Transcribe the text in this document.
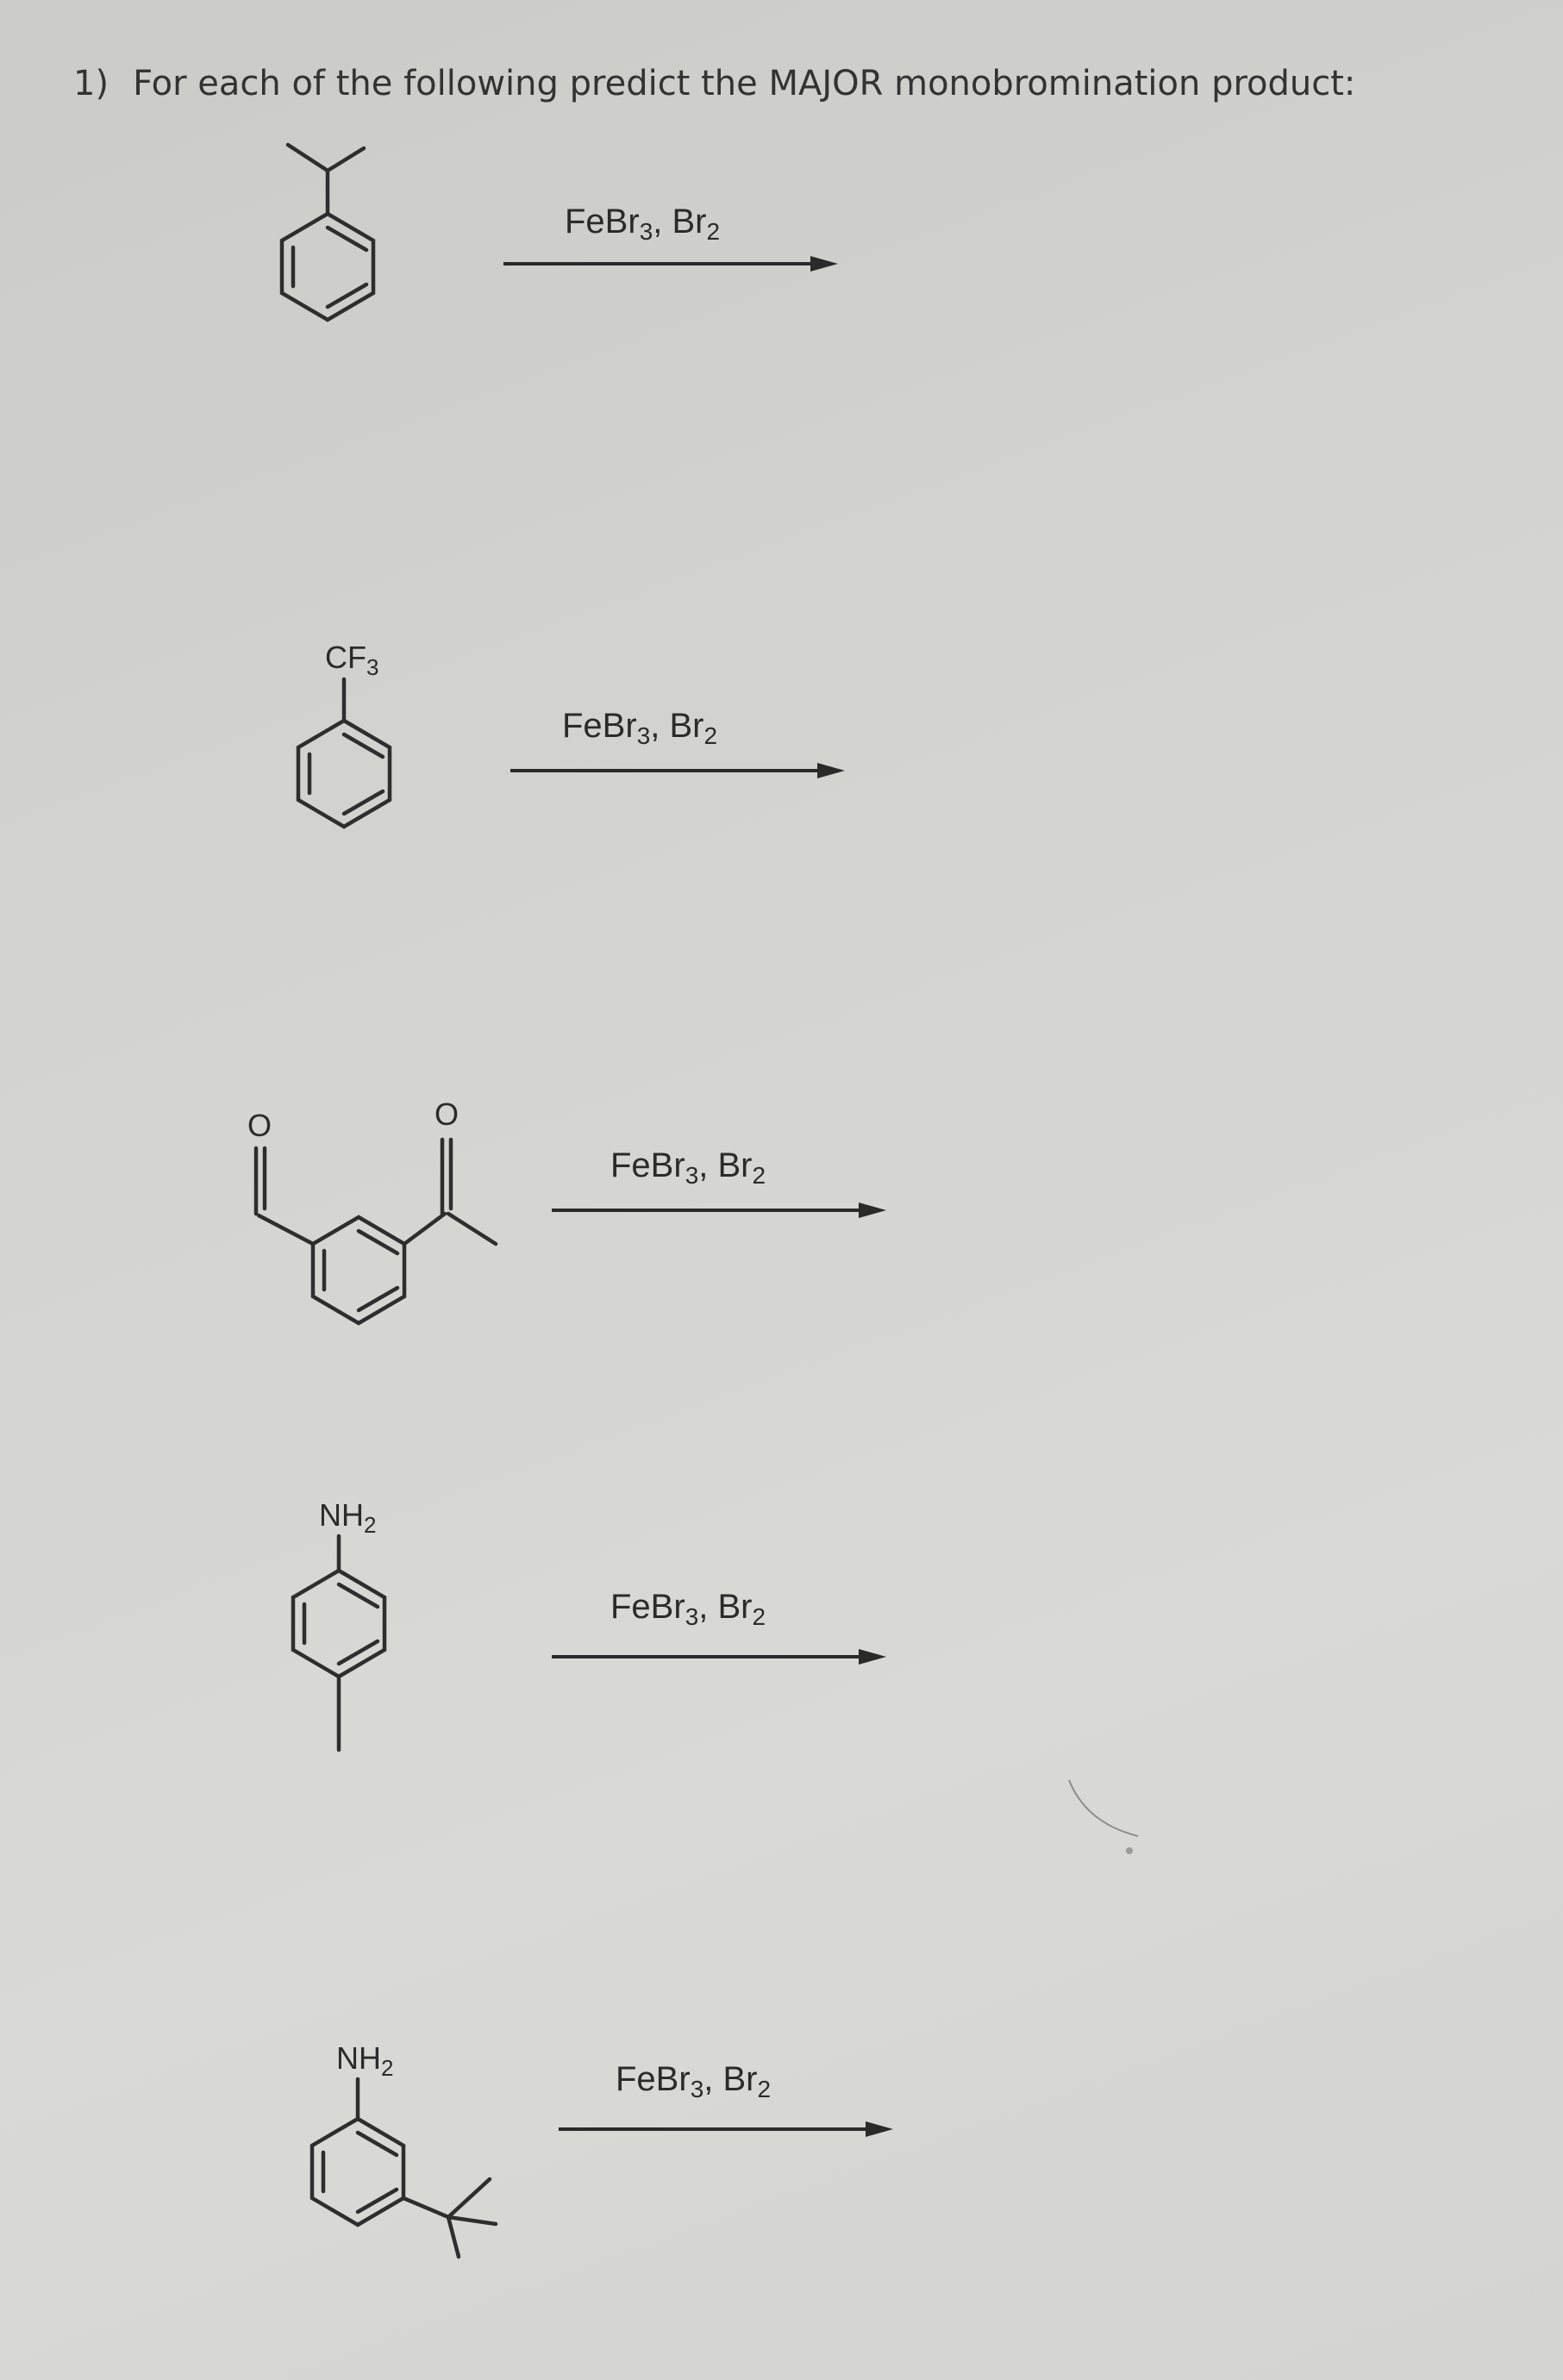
1) For each of the following predict the MAJOR monobromination product:
FeBr$_3$, $Br_2$
$CF_3$
FeBr$_3$, $Br_2$
O	O
FeBr$_3$, $Br_2$
$NH_2$
FeBr$_3$, $Br_2$
$NH_2$	FeBr$_3$, $Br_2$
